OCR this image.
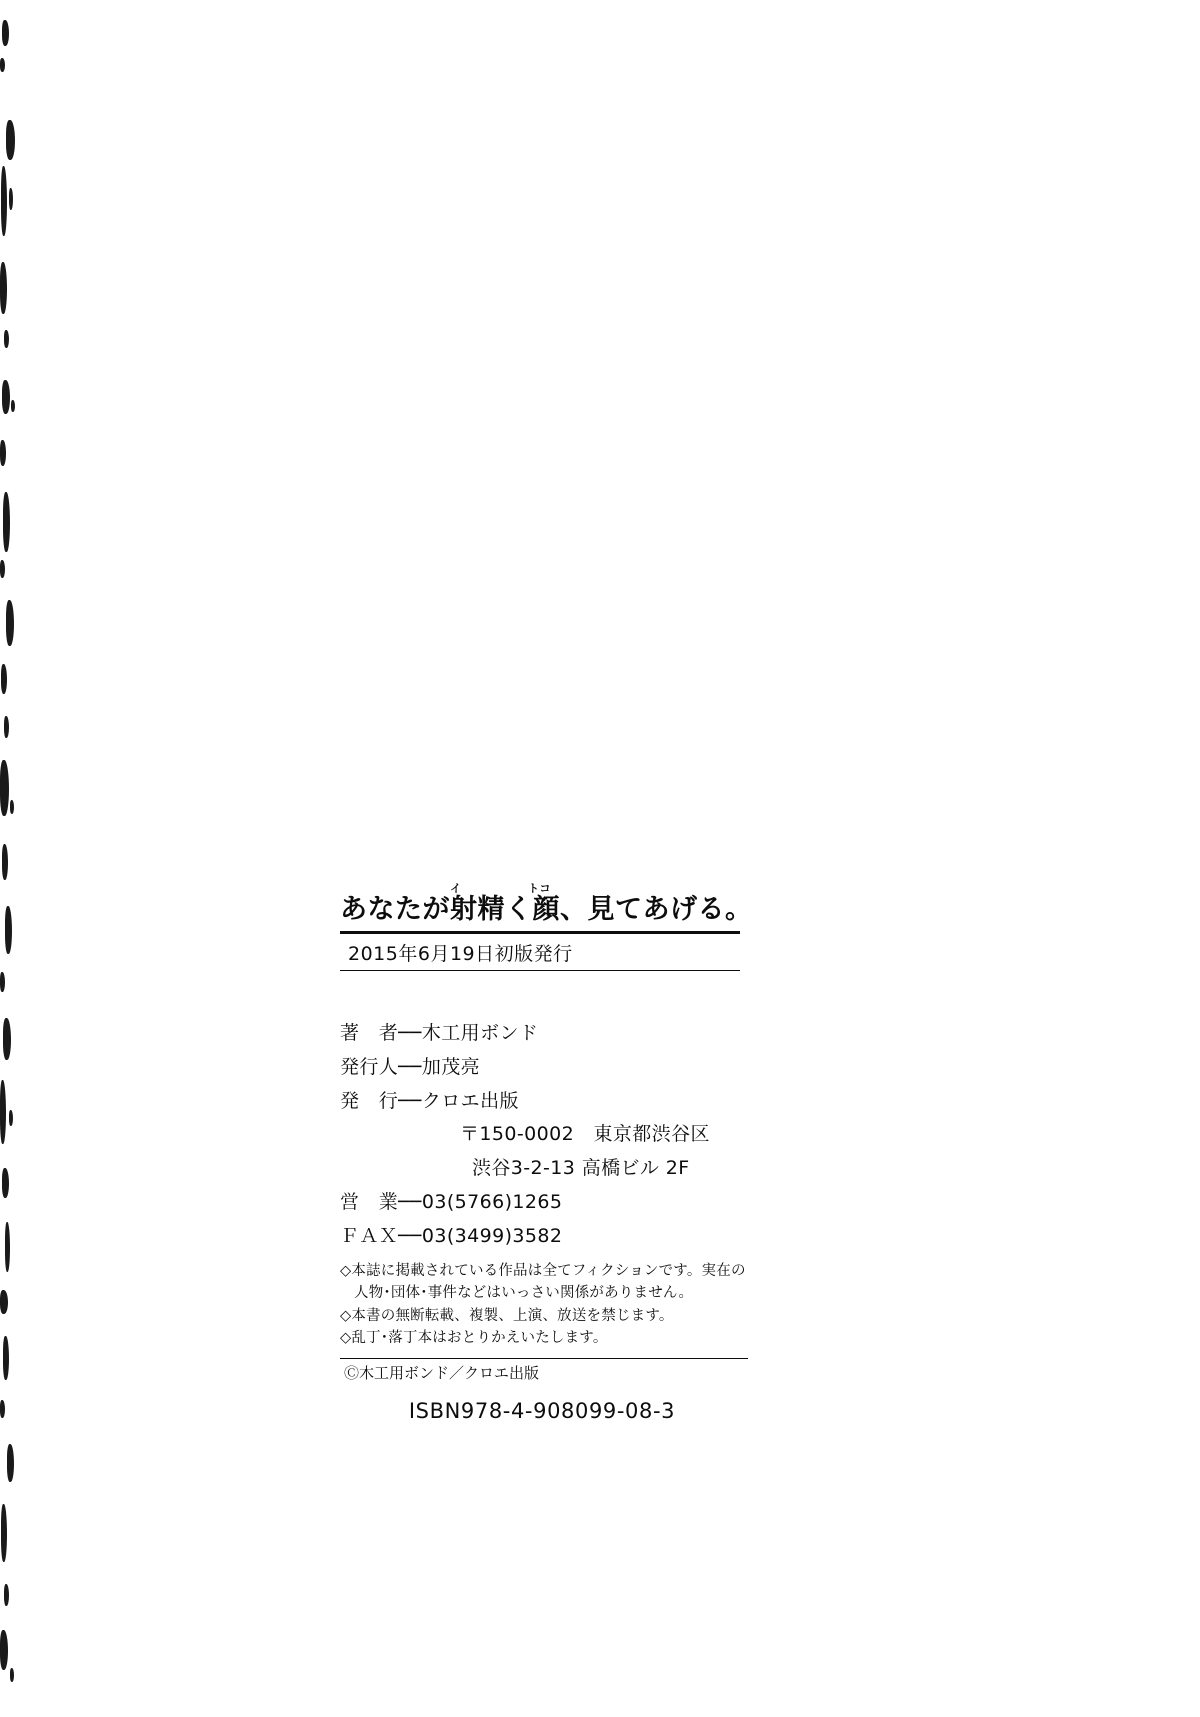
イ	トコ
あなたが射精く顔、見てあげる。
2015年6月19日初版発行
著　者──木工用ボンド
発行人──加茂亮
発　行──クロエ出版
〒150-0002　東京都渋谷区
渋谷3-2-13 高橋ビル 2F
営　業──03(5766)1265
ＦＡＸ──03(3499)3582
◇本誌に掲載されている作品は全てフィクションです。実在の
人物･団体･事件などはいっさい関係がありません。
◇本書の無断転載、複製、上演、放送を禁じます。
◇乱丁･落丁本はおとりかえいたします。
Ⓒ木工用ボンド／クロエ出版
ISBN978-4-908099-08-3
